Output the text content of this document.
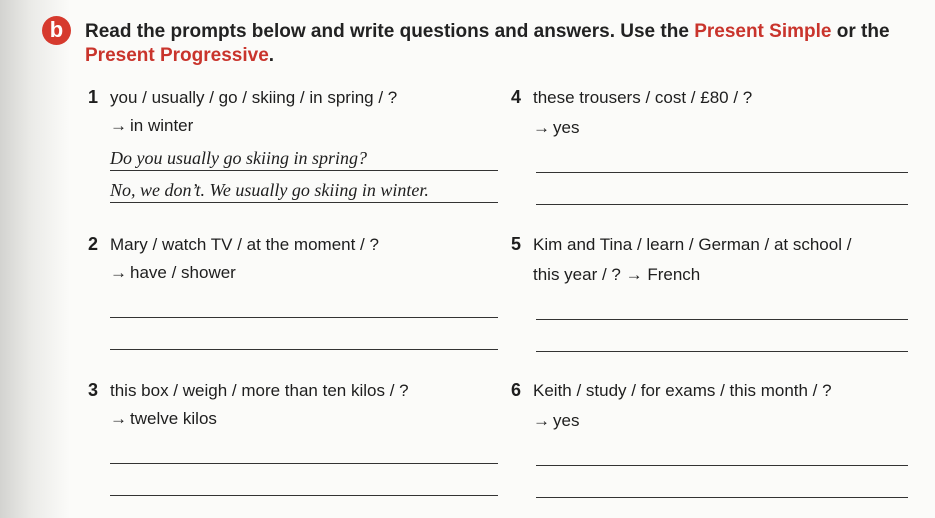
b	Read the prompts below and write questions and answers. Use the Present Simple or the
Present Progressive.
1 you / usually / go / skiing / in spring / ?
→ in winter
Do you usually go skiing in spring?
No, we don’t. We usually go skiing in winter.
2 Mary / watch TV / at the moment / ?
→ have / shower
3 this box / weigh / more than ten kilos / ?
→ twelve kilos
4 these trousers / cost / £80 / ?
→ yes
5 Kim and Tina / learn / German / at school /
this year / ? → French
6 Keith / study / for exams / this month / ?
→ yes
